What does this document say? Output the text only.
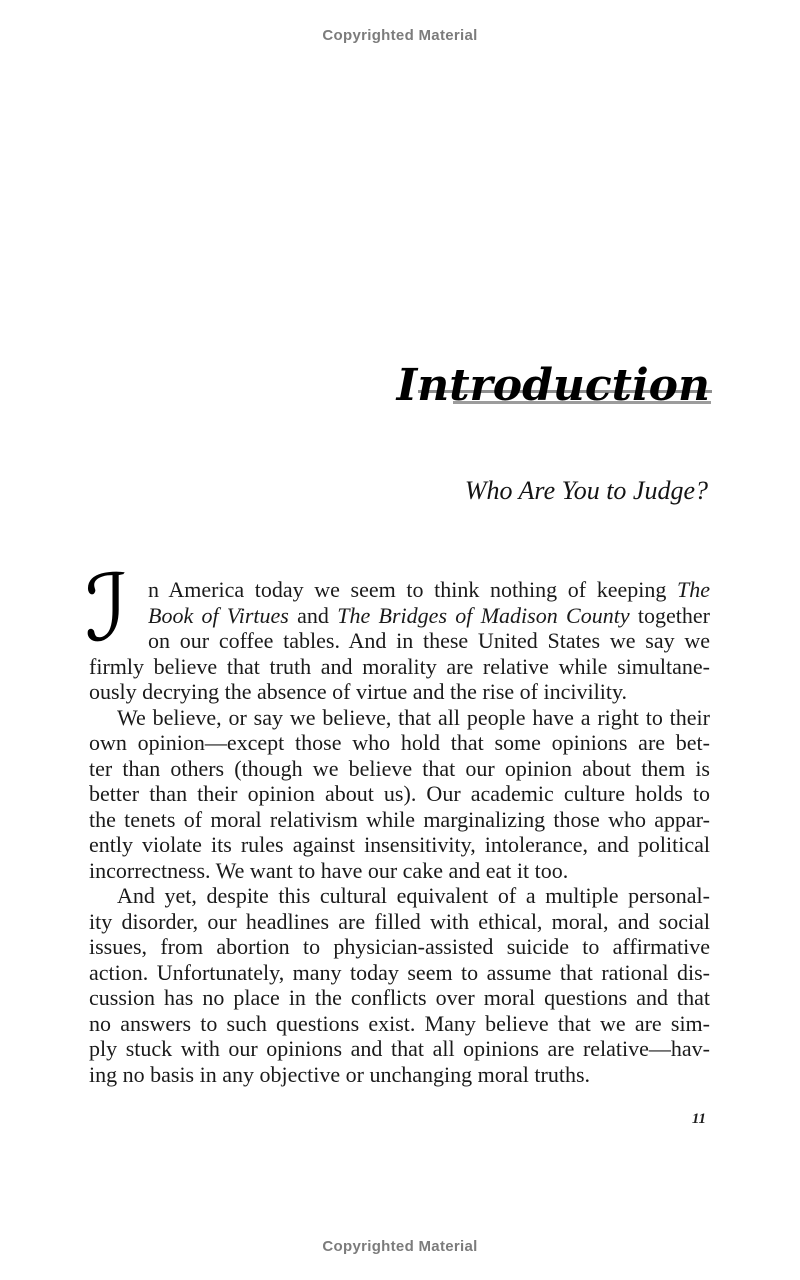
Copyrighted Material
Introduction
Who Are You to Judge?
ℐ n America today we seem to think nothing of keeping The
Book of Virtues and The Bridges of Madison County together
on our coffee tables. And in these United States we say we
firmly believe that truth and morality are relative while simultane-
ously decrying the absence of virtue and the rise of incivility.
We believe, or say we believe, that all people have a right to their
own opinion—except those who hold that some opinions are bet-
ter than others (though we believe that our opinion about them is
better than their opinion about us). Our academic culture holds to
the tenets of moral relativism while marginalizing those who appar-
ently violate its rules against insensitivity, intolerance, and political
incorrectness. We want to have our cake and eat it too.
And yet, despite this cultural equivalent of a multiple personal-
ity disorder, our headlines are filled with ethical, moral, and social
issues, from abortion to physician-assisted suicide to affirmative
action. Unfortunately, many today seem to assume that rational dis-
cussion has no place in the conflicts over moral questions and that
no answers to such questions exist. Many believe that we are sim-
ply stuck with our opinions and that all opinions are relative—hav-
ing no basis in any objective or unchanging moral truths.
11
Copyrighted Material
